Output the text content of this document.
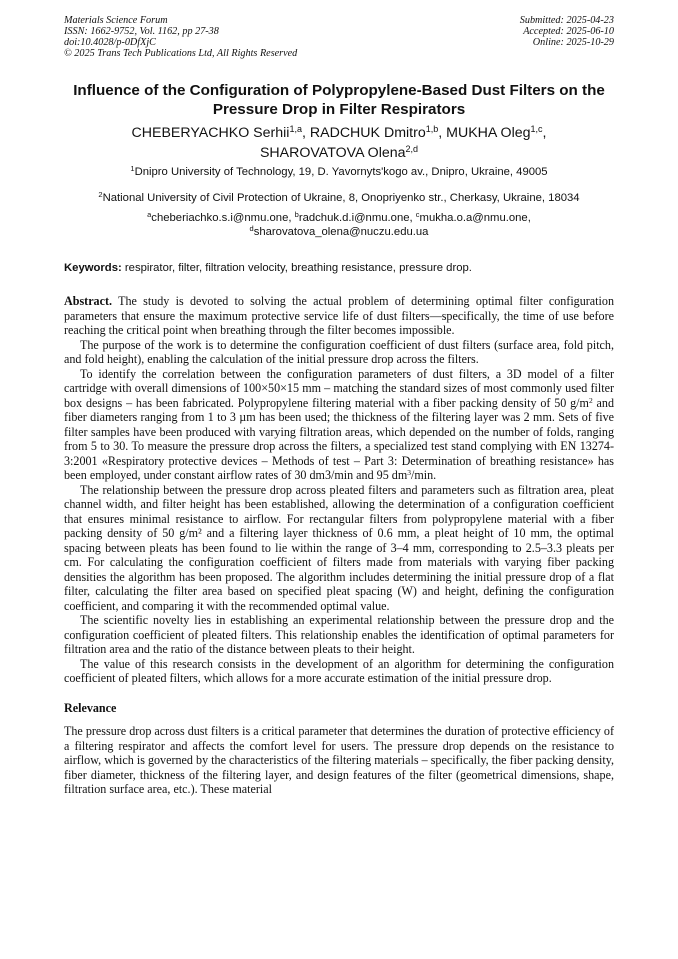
Materials Science Forum
ISSN: 1662-9752, Vol. 1162, pp 27-38
doi:10.4028/p-0DfXjC
© 2025 Trans Tech Publications Ltd, All Rights Reserved
Submitted: 2025-04-23
Accepted: 2025-06-10
Online: 2025-10-29
Influence of the Configuration of Polypropylene-Based Dust Filters on the Pressure Drop in Filter Respirators
CHEBERYACHKO Serhii$^{1,a}$, RADCHUK Dmitro$^{1,b}$, MUKHA Oleg$^{1,c}$,
SHAROVATOVA Olena$^{2,d}$
$^1$Dnipro University of Technology, 19, D. Yavornyts'kogo av., Dnipro, Ukraine, 49005
$^2$National University of Civil Protection of Ukraine, 8, Onopriyenko str., Cherkasy, Ukraine, 18034
$^a$cheberiachko.s.i@nmu.one, $^b$radchuk.d.i@nmu.one, $^c$mukha.o.a@nmu.one,
$^d$sharovatova_olena@nuczu.edu.ua
Keywords: respirator, filter, filtration velocity, breathing resistance, pressure drop.

Abstract. The study is devoted to solving the actual problem of determining optimal filter configuration parameters that ensure the maximum protective service life of dust filters—specifically, the time of use before reaching the critical point when breathing through the filter becomes impossible.

The purpose of the work is to determine the configuration coefficient of dust filters (surface area, fold pitch, and fold height), enabling the calculation of the initial pressure drop across the filters.

To identify the correlation between the configuration parameters of dust filters, a 3D model of a filter cartridge with overall dimensions of 100×50×15 mm – matching the standard sizes of most commonly used filter box designs – has been fabricated. Polypropylene filtering material with a fiber packing density of 50 $g/m^2$ and fiber diameters ranging from 1 to 3 µm has been used; the thickness of the filtering layer was 2 mm. Sets of five filter samples have been produced with varying filtration areas, which depended on the number of folds, ranging from 5 to 30. To measure the pressure drop across the filters, a specialized test stand complying with EN 13274-3:2001 «Respiratory protective devices – Methods of test – Part 3: Determination of breathing resistance» has been employed, under constant airflow rates of 30 dm3/min and 95 $dm^3/\min$.

The relationship between the pressure drop across pleated filters and parameters such as filtration area, pleat channel width, and filter height has been established, allowing the determination of a configuration coefficient that ensures minimal resistance to airflow. For rectangular filters from polypropylene material with a fiber packing density of 50 g/m² and a filtering layer thickness of 0.6 mm, a pleat height of 10 mm, the optimal spacing between pleats has been found to lie within the range of 3–4 mm, corresponding to 2.5–3.3 pleats per cm. For calculating the configuration coefficient of filters made from materials with varying fiber packing densities the algorithm has been proposed. The algorithm includes determining the initial pressure drop of a flat filter, calculating the filter area based on specified pleat spacing (W) and height, defining the configuration coefficient, and comparing it with the recommended optimal value.

The scientific novelty lies in establishing an experimental relationship between the pressure drop and the configuration coefficient of pleated filters. This relationship enables the identification of optimal parameters for filtration area and the ratio of the distance between pleats to their height.

The value of this research consists in the development of an algorithm for determining the configuration coefficient of pleated filters, which allows for a more accurate estimation of the initial pressure drop.

Relevance

The pressure drop across dust filters is a critical parameter that determines the duration of protective efficiency of a filtering respirator and affects the comfort level for users. The pressure drop depends on the resistance to airflow, which is governed by the characteristics of the filtering materials – specifically, the fiber packing density, fiber diameter, thickness of the filtering layer, and design features of the filter (geometrical dimensions, shape, filtration surface area, etc.). These material
